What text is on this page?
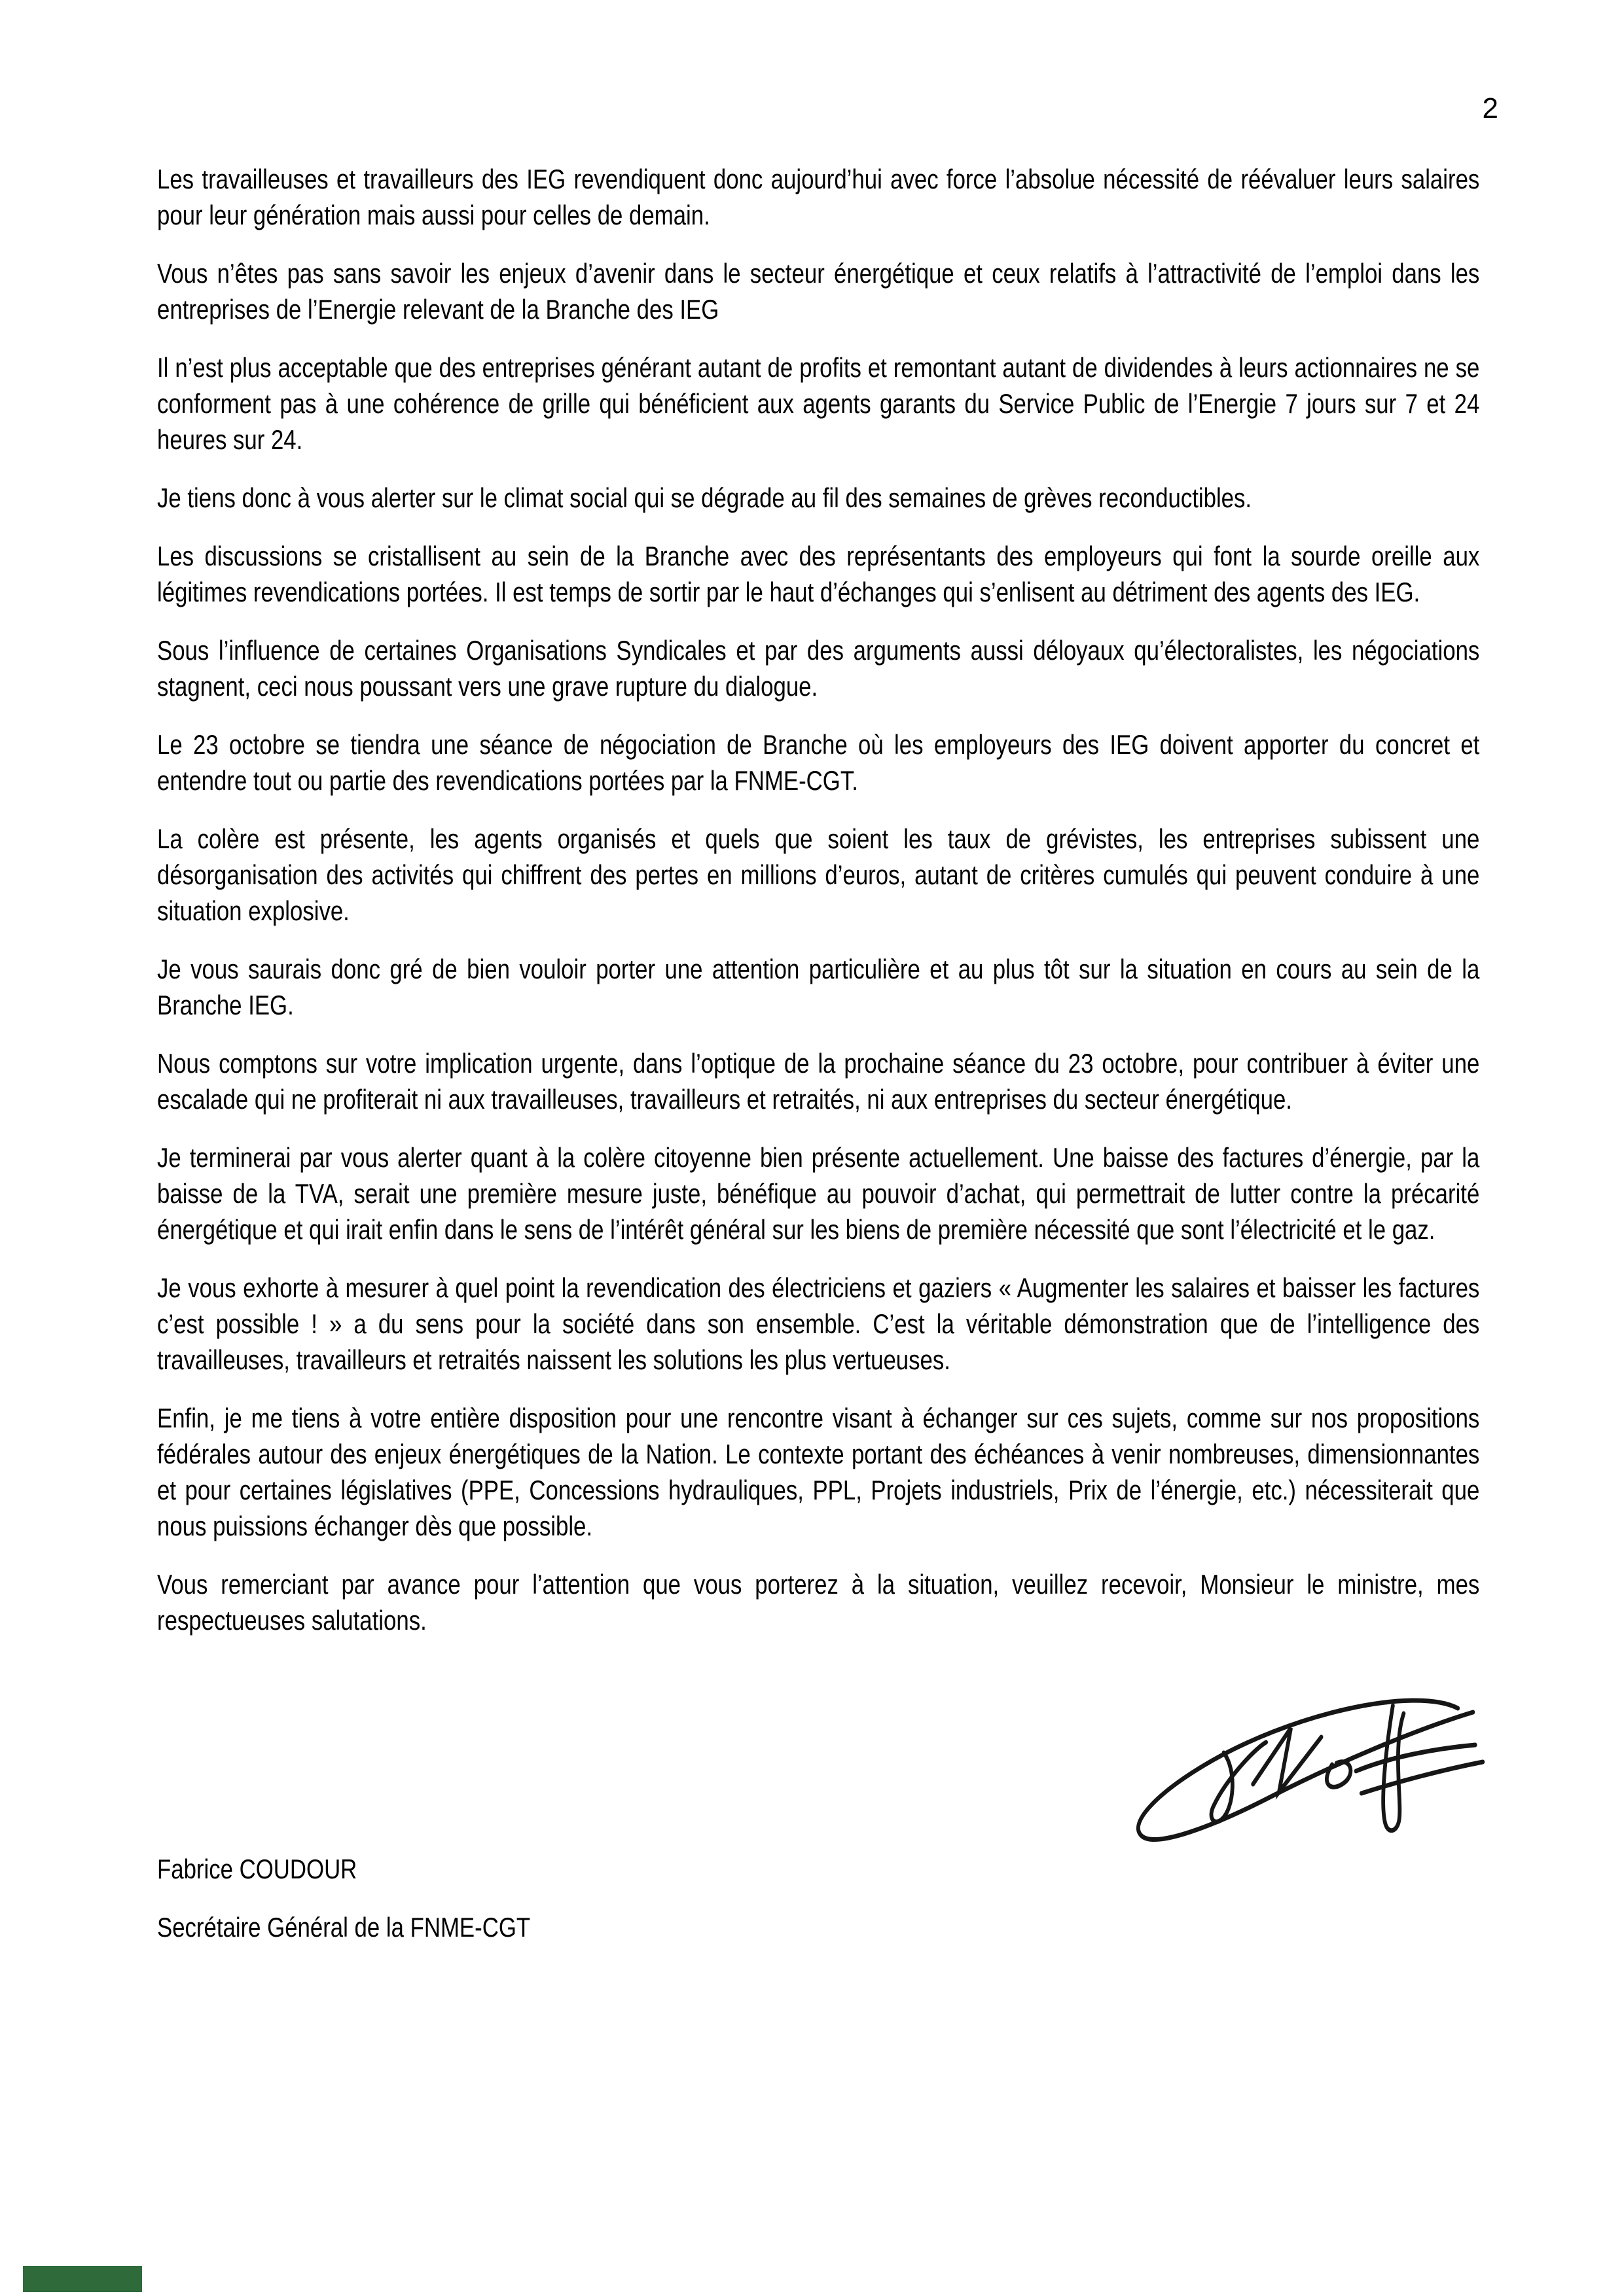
2

Les travailleuses et travailleurs des IEG revendiquent donc aujourd’hui avec force l’absolue nécessité de réévaluer leurs salaires pour leur génération mais aussi pour celles de demain.

Vous n’êtes pas sans savoir les enjeux d’avenir dans le secteur énergétique et ceux relatifs à l’attractivité de l’emploi dans les entreprises de l’Energie relevant de la Branche des IEG

Il n’est plus acceptable que des entreprises générant autant de profits et remontant autant de dividendes à leurs actionnaires ne se conforment pas à une cohérence de grille qui bénéficient aux agents garants du Service Public de l’Energie 7 jours sur 7 et 24 heures sur 24.

Je tiens donc à vous alerter sur le climat social qui se dégrade au fil des semaines de grèves reconductibles.

Les discussions se cristallisent au sein de la Branche avec des représentants des employeurs qui font la sourde oreille aux légitimes revendications portées. Il est temps de sortir par le haut d’échanges qui s’enlisent au détriment des agents des IEG.

Sous l’influence de certaines Organisations Syndicales et par des arguments aussi déloyaux qu’électoralistes, les négociations stagnent, ceci nous poussant vers une grave rupture du dialogue.

Le 23 octobre se tiendra une séance de négociation de Branche où les employeurs des IEG doivent apporter du concret et entendre tout ou partie des revendications portées par la FNME-CGT.

La colère est présente, les agents organisés et quels que soient les taux de grévistes, les entreprises subissent une désorganisation des activités qui chiffrent des pertes en millions d’euros, autant de critères cumulés qui peuvent conduire à une situation explosive.

Je vous saurais donc gré de bien vouloir porter une attention particulière et au plus tôt sur la situation en cours au sein de la Branche IEG.

Nous comptons sur votre implication urgente, dans l’optique de la prochaine séance du 23 octobre, pour contribuer à éviter une escalade qui ne profiterait ni aux travailleuses, travailleurs et retraités, ni aux entreprises du secteur énergétique.

Je terminerai par vous alerter quant à la colère citoyenne bien présente actuellement. Une baisse des factures d’énergie, par la baisse de la TVA, serait une première mesure juste, bénéfique au pouvoir d’achat, qui permettrait de lutter contre la précarité énergétique et qui irait enfin dans le sens de l’intérêt général sur les biens de première nécessité que sont l’électricité et le gaz.

Je vous exhorte à mesurer à quel point la revendication des électriciens et gaziers « Augmenter les salaires et baisser les factures c’est possible ! » a du sens pour la société dans son ensemble. C’est la véritable démonstration que de l’intelligence des travailleuses, travailleurs et retraités naissent les solutions les plus vertueuses.

Enfin, je me tiens à votre entière disposition pour une rencontre visant à échanger sur ces sujets, comme sur nos propositions fédérales autour des enjeux énergétiques de la Nation. Le contexte portant des échéances à venir nombreuses, dimensionnantes et pour certaines législatives (PPE, Concessions hydrauliques, PPL, Projets industriels, Prix de l’énergie, etc.) nécessiterait que nous puissions échanger dès que possible.

Vous remerciant par avance pour l’attention que vous porterez à la situation, veuillez recevoir, Monsieur le ministre, mes respectueuses salutations.

Fabrice COUDOUR

Secrétaire Général de la FNME-CGT
